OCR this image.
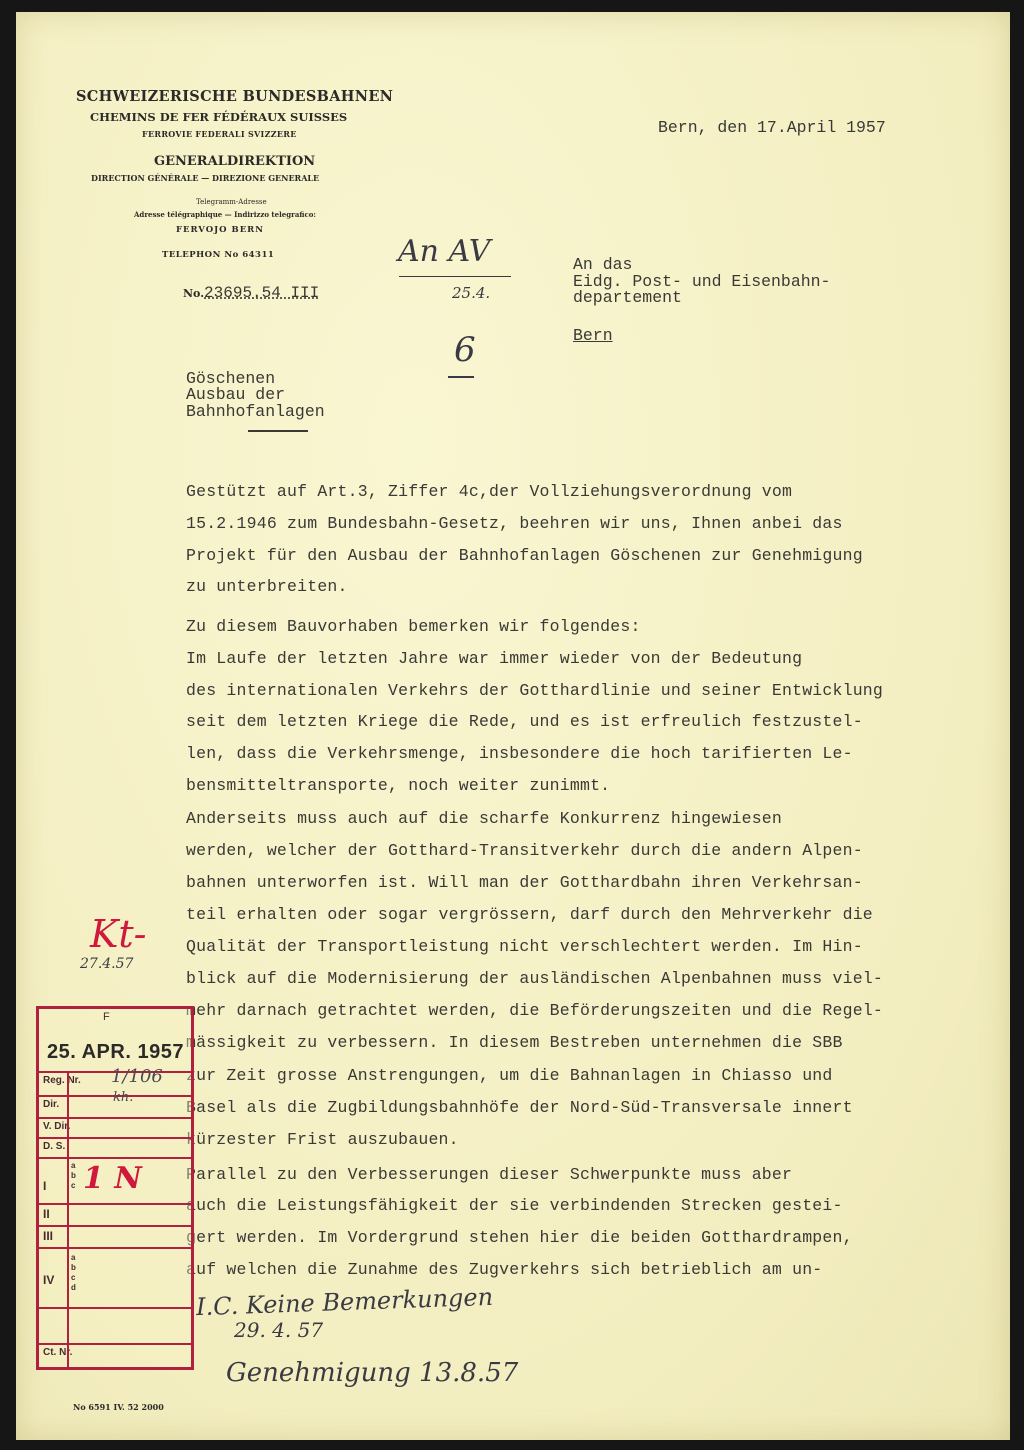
SCHWEIZERISCHE BUNDESBAHNEN
CHEMINS DE FER FÉDÉRAUX SUISSES
FERROVIE FEDERALI SVIZZERE
GENERALDIREKTION
DIRECTION GÉNÉRALE — DIREZIONE GENERALE
Telegramm-Adresse
Adresse télégraphique — Indirizzo telegrafico:
FERVOJO BERN
TELEPHON No 64311
No.23695.54 III
Bern, den 17.April 1957
An das
Eidg. Post- und Eisenbahn-
departement
Bern
An AV
25.4.
6
Göschenen
Ausbau der
Bahnhofanlagen
Gestützt auf Art.3, Ziffer 4c,der Vollziehungsverordnung vom
15.2.1946 zum Bundesbahn-Gesetz, beehren wir uns, Ihnen anbei das
Projekt für den Ausbau der Bahnhofanlagen Göschenen zur Genehmigung
zu unterbreiten.
Zu diesem Bauvorhaben bemerken wir folgendes:
Im Laufe der letzten Jahre war immer wieder von der Bedeutung
des internationalen Verkehrs der Gotthardlinie und seiner Entwicklung
seit dem letzten Kriege die Rede, und es ist erfreulich festzustel-
len, dass die Verkehrsmenge, insbesondere die hoch tarifierten Le-
bensmitteltransporte, noch weiter zunimmt.
Anderseits muss auch auf die scharfe Konkurrenz hingewiesen
werden, welcher der Gotthard-Transitverkehr durch die andern Alpen-
bahnen unterworfen ist. Will man der Gotthardbahn ihren Verkehrsan-
teil erhalten oder sogar vergrössern, darf durch den Mehrverkehr die
Qualität der Transportleistung nicht verschlechtert werden. Im Hin-
blick auf die Modernisierung der ausländischen Alpenbahnen muss viel-
mehr darnach getrachtet werden, die Beförderungszeiten und die Regel-
mässigkeit zu verbessern. In diesem Bestreben unternehmen die SBB
zur Zeit grosse Anstrengungen, um die Bahnanlagen in Chiasso und
Basel als die Zugbildungsbahnhöfe der Nord-Süd-Transversale innert
kürzester Frist auszubauen.
Parallel zu den Verbesserungen dieser Schwerpunkte muss aber
auch die Leistungsfähigkeit der sie verbindenden Strecken gestei-
gert werden. Im Vordergrund stehen hier die beiden Gotthardrampen,
auf welchen die Zunahme des Zugverkehrs sich betrieblich am un-
Kt-
27.4.57
F
25. APR. 1957
Reg. Nr. 1/106
Dir.	kh.
V. Dir.
D. S.
I
a
b
c 1 N
II
III
IV
a
b
c
d
Ct. Nr.
I.C. Keine Bemerkungen
29. 4. 57
Genehmigung 13.8.57
No 6591 IV. 52 2000
